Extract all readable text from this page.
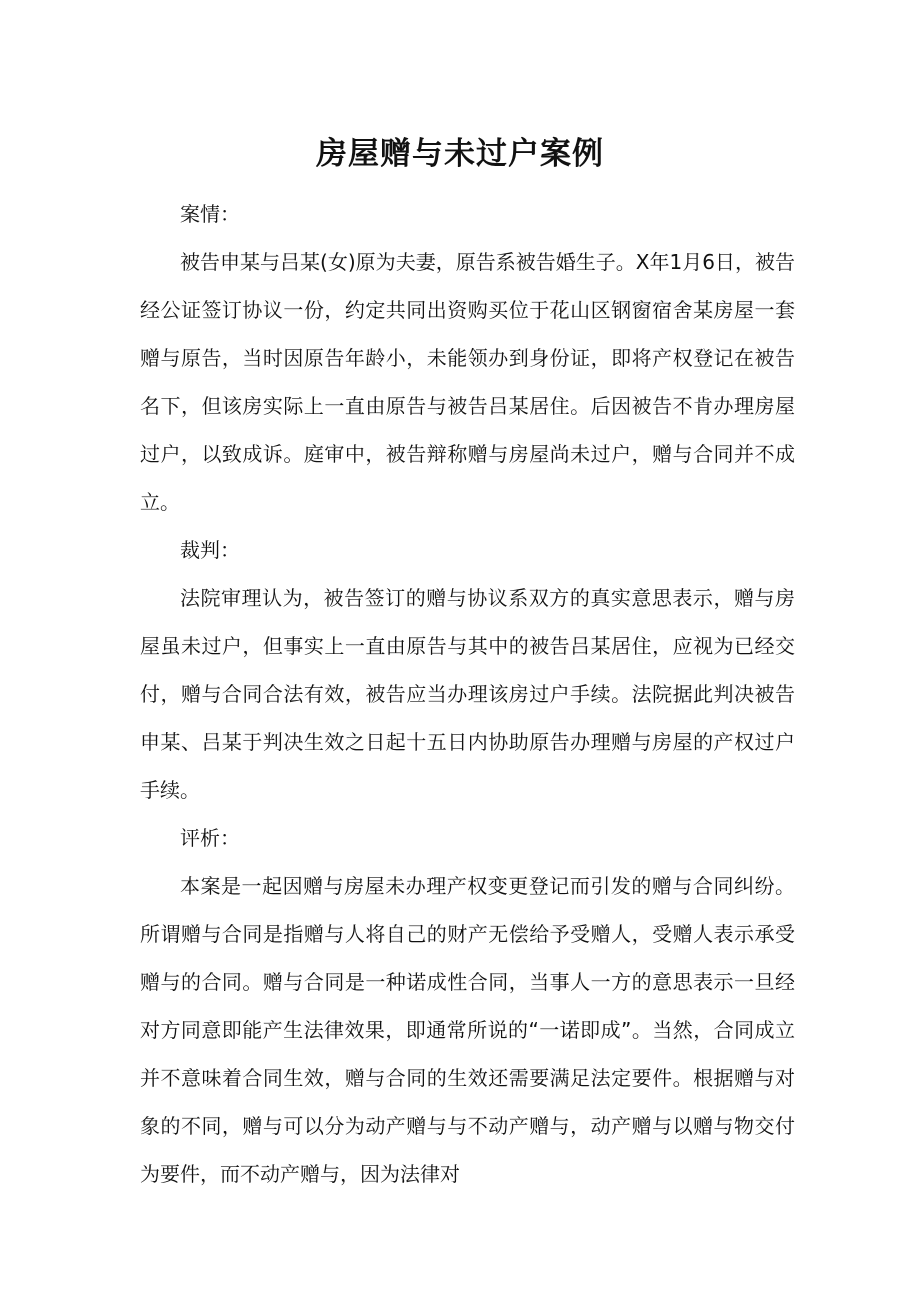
房屋赠与未过户案例

案情：

被告申某与吕某(女)原为夫妻，原告系被告婚生子。X年1月6日，被告经公证签订协议一份，约定共同出资购买位于花山区钢窗宿舍某房屋一套赠与原告，当时因原告年龄小，未能领办到身份证，即将产权登记在被告名下，但该房实际上一直由原告与被告吕某居住。后因被告不肯办理房屋过户，以致成诉。庭审中，被告辩称赠与房屋尚未过户，赠与合同并不成立。

裁判：

法院审理认为，被告签订的赠与协议系双方的真实意思表示，赠与房屋虽未过户，但事实上一直由原告与其中的被告吕某居住，应视为已经交付，赠与合同合法有效，被告应当办理该房过户手续。法院据此判决被告申某、吕某于判决生效之日起十五日内协助原告办理赠与房屋的产权过户手续。

评析：

本案是一起因赠与房屋未办理产权变更登记而引发的赠与合同纠纷。所谓赠与合同是指赠与人将自己的财产无偿给予受赠人，受赠人表示承受赠与的合同。赠与合同是一种诺成性合同，当事人一方的意思表示一旦经对方同意即能产生法律效果，即通常所说的“一诺即成”。当然，合同成立并不意味着合同生效，赠与合同的生效还需要满足法定要件。根据赠与对象的不同，赠与可以分为动产赠与与不动产赠与，动产赠与以赠与物交付为要件，而不动产赠与，因为法律对
